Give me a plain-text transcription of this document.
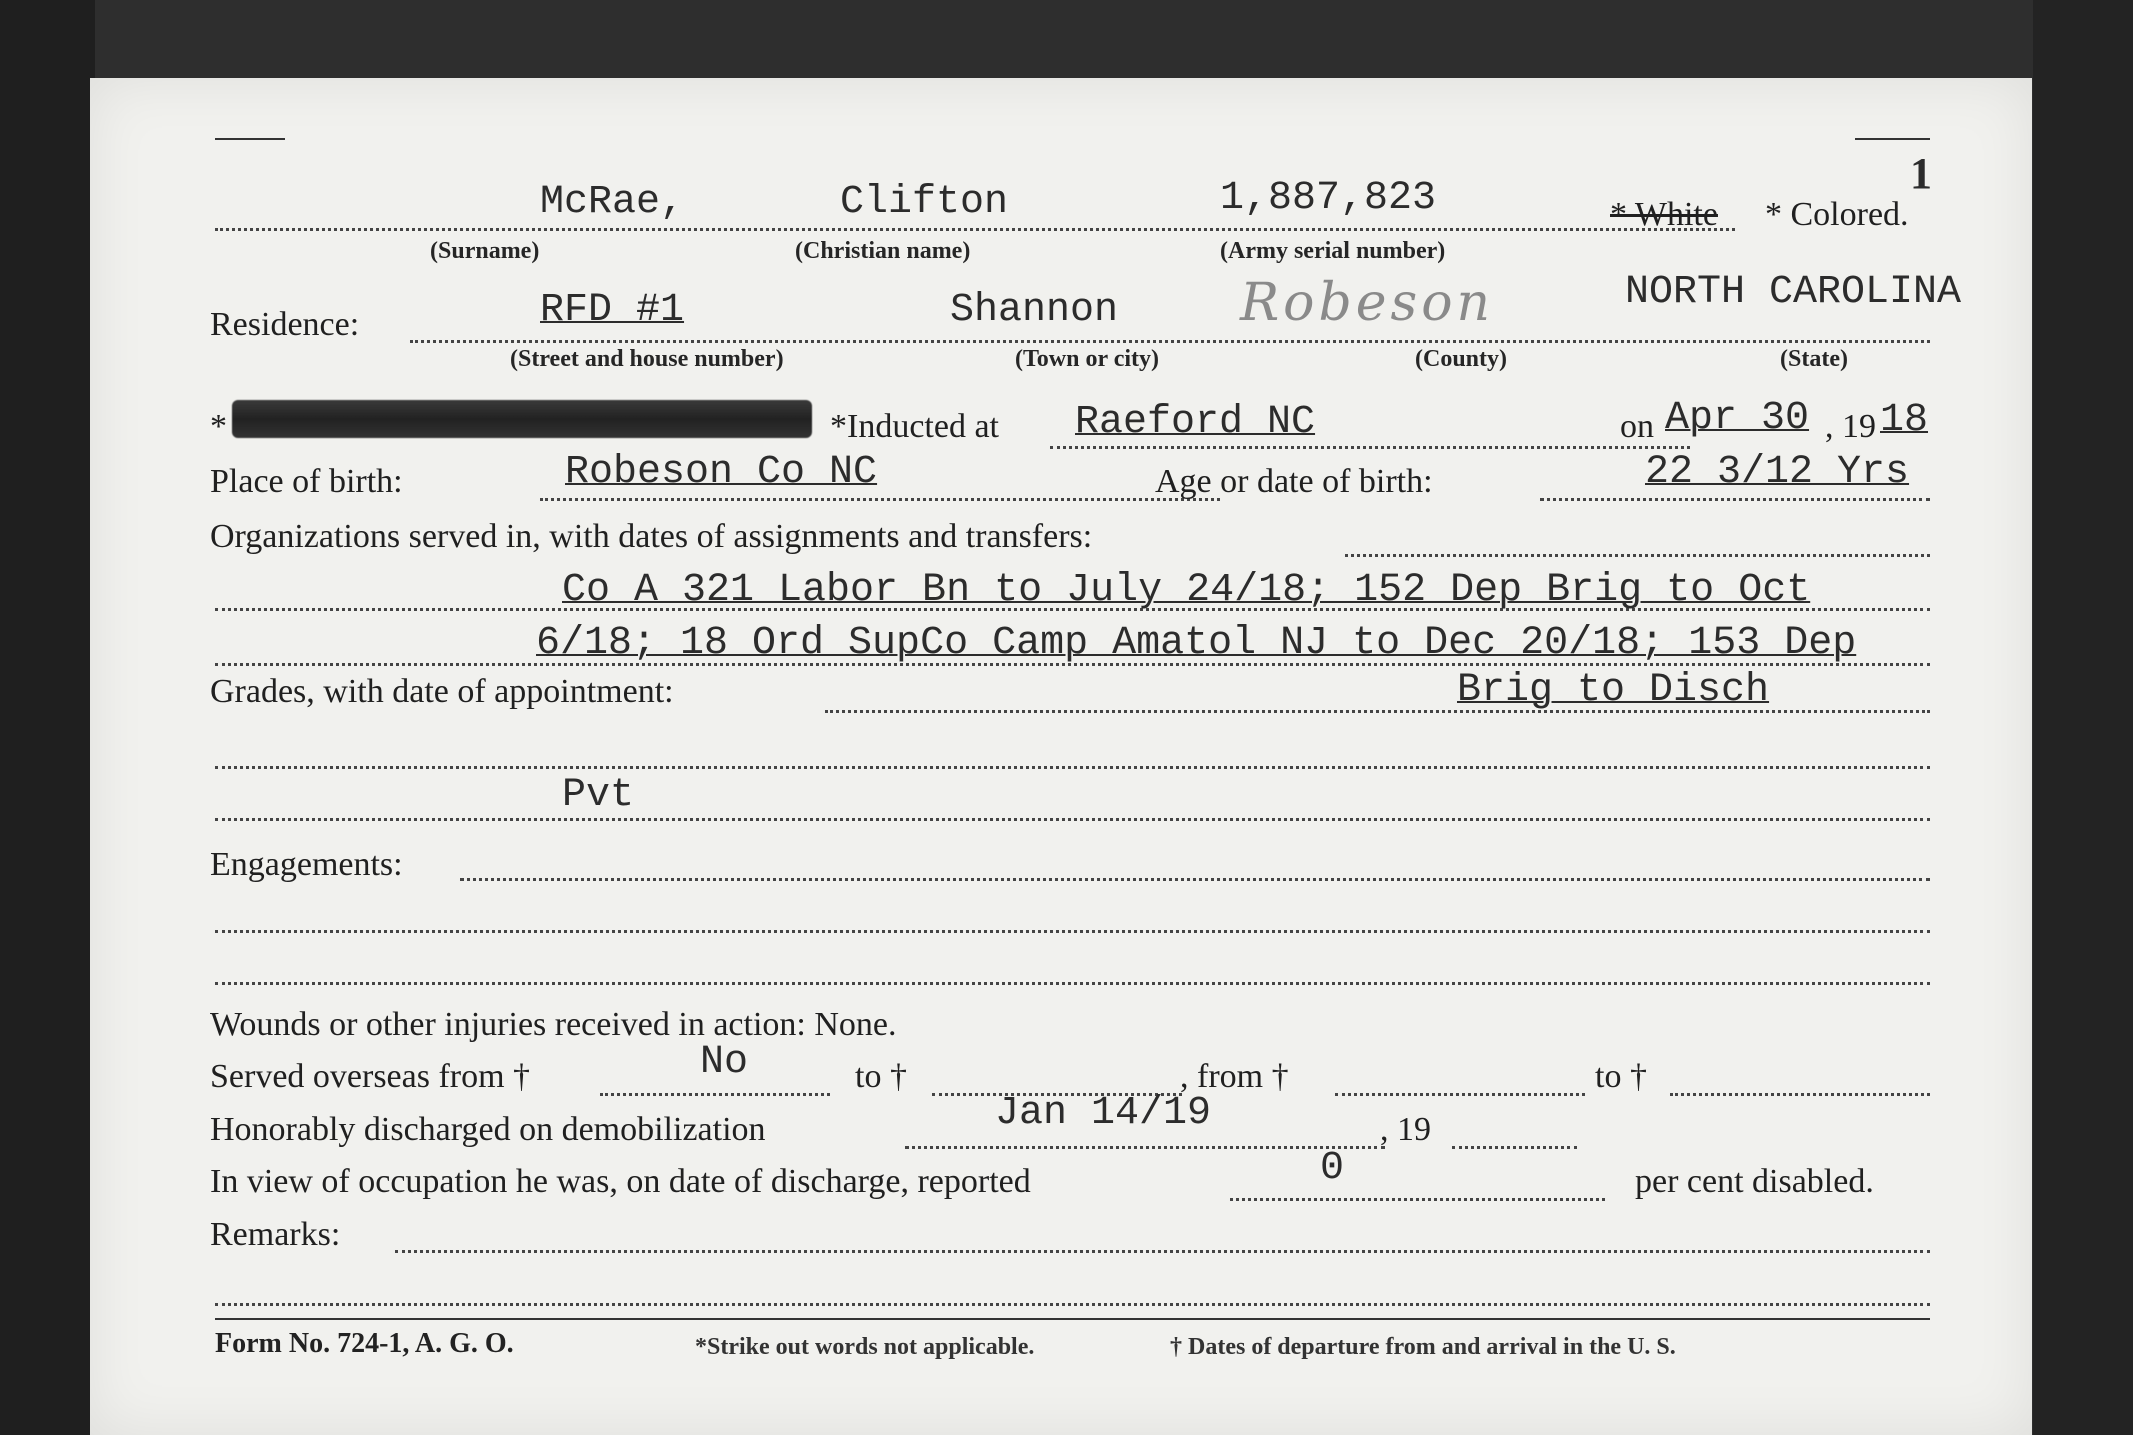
1
McRae,	Clifton	1,887,823	* White * Colored.
(Surname)	(Christian name)	(Army serial number)
Residence:	RFD #1	Shannon Robeson	NORTH CAROLINA
(Street and house number)	(Town or city)	(County)	(State)
*	*Inducted at Raeford NC	on Apr 30 , 19 18
Place of birth:	Robeson Co NC	Age or date of birth:	22 3/12 Yrs
Organizations served in, with dates of assignments and transfers:
Co A 321 Labor Bn to July 24/18; 152 Dep Brig to Oct
6/18; 18 Ord SupCo Camp Amatol NJ to Dec 20/18; 153 Dep
Grades, with date of appointment:	Brig to Disch
Pvt
Engagements:
Wounds or other injuries received in action: None.
Served overseas from †	No	to †	, from †	to †
Honorably discharged on demobilization	Jan 14/19	, 19
In view of occupation he was, on date of discharge, reported	0	per cent disabled.
Remarks:
Form No. 724-1, A. G. O.	*Strike out words not applicable.	† Dates of departure from and arrival in the U. S.
